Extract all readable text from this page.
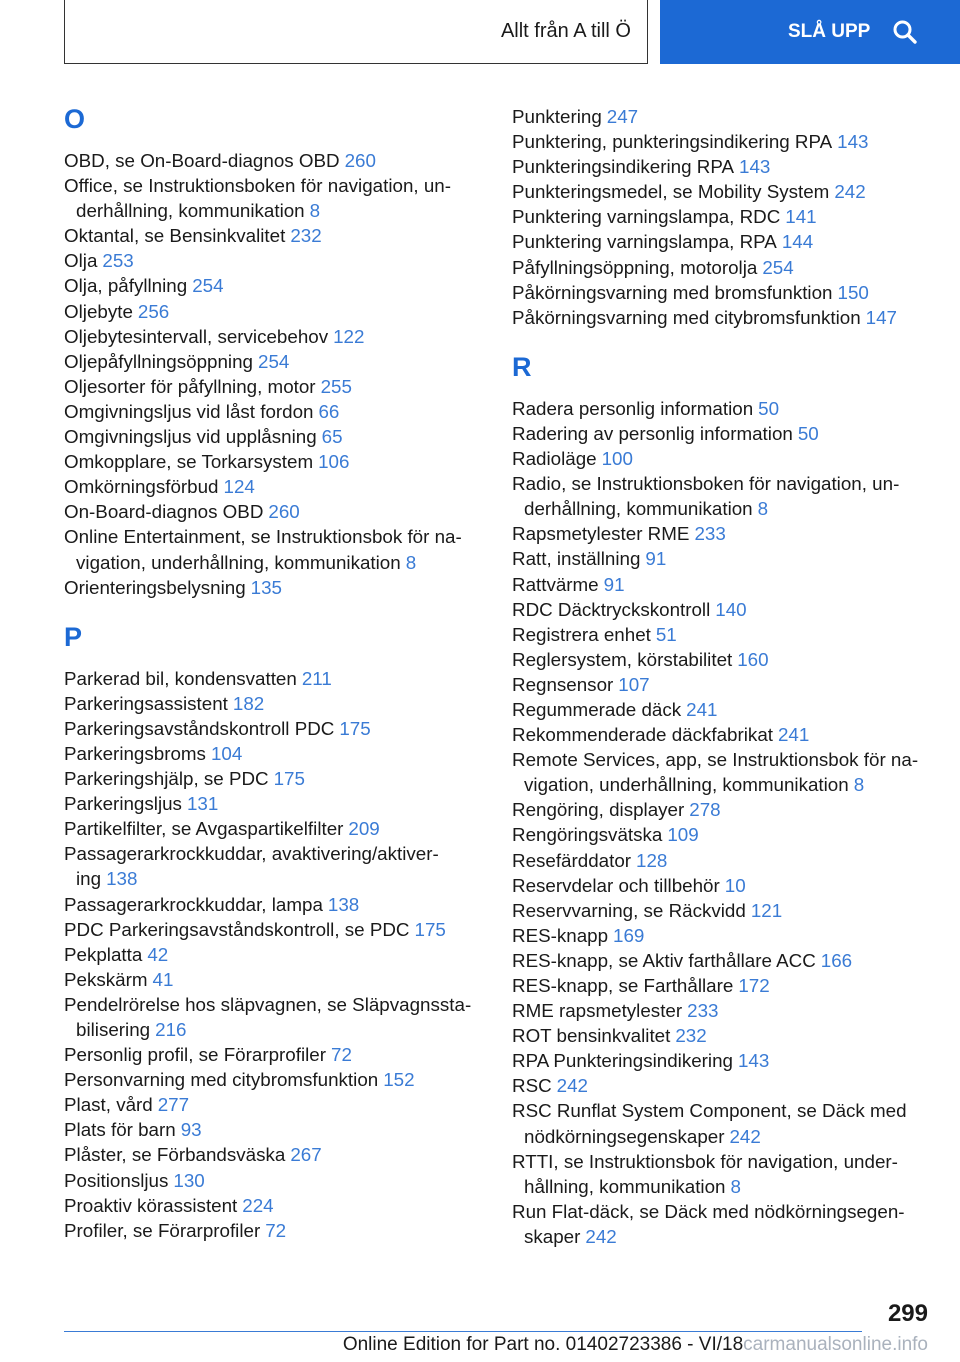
Allt från A till Ö	SLÅ UPP
O
OBD, se On-Board-diagnos OBD 260
Office, se Instruktionsboken för navigation, underhållning, kommunikation 8
Oktantal, se Bensinkvalitet 232
Olja 253
Olja, påfyllning 254
Oljebyte 256
Oljebytesintervall, servicebehov 122
Oljepåfyllningsöppning 254
Oljesorter för påfyllning, motor 255
Omgivningsljus vid låst fordon 66
Omgivningsljus vid upplåsning 65
Omkopplare, se Torkarsystem 106
Omkörningsförbud 124
On-Board-diagnos OBD 260
Online Entertainment, se Instruktionsbok för navigation, underhållning, kommunikation 8
Orienteringsbelysning 135
P
Parkerad bil, kondensvatten 211
Parkeringsassistent 182
Parkeringsavståndskontroll PDC 175
Parkeringsbroms 104
Parkeringshjälp, se PDC 175
Parkeringsljus 131
Partikelfilter, se Avgaspartikelfilter 209
Passagerarkrockkuddar, avaktivering/aktivering 138
Passagerarkrockkuddar, lampa 138
PDC Parkeringsavståndskontroll, se PDC 175
Pekplatta 42
Pekskärm 41
Pendelrörelse hos släpvagnen, se Släpvagnsstabilisering 216
Personlig profil, se Förarprofiler 72
Personvarning med citybromsfunktion 152
Plast, vård 277
Plats för barn 93
Plåster, se Förbandsväska 267
Positionsljus 130
Proaktiv körassistent 224
Profiler, se Förarprofiler 72
Punktering 247
Punktering, punkteringsindikering RPA 143
Punkteringsindikering RPA 143
Punkteringsmedel, se Mobility System 242
Punktering varningslampa, RDC 141
Punktering varningslampa, RPA 144
Påfyllningsöppning, motorolja 254
Påkörningsvarning med bromsfunktion 150
Påkörningsvarning med citybromsfunktion 147
R
Radera personlig information 50
Radering av personlig information 50
Radioläge 100
Radio, se Instruktionsboken för navigation, underhållning, kommunikation 8
Rapsmetylester RME 233
Ratt, inställning 91
Rattvärme 91
RDC Däcktryckskontroll 140
Registrera enhet 51
Reglersystem, körstabilitet 160
Regnsensor 107
Regummerade däck 241
Rekommenderade däckfabrikat 241
Remote Services, app, se Instruktionsbok för navigation, underhållning, kommunikation 8
Rengöring, displayer 278
Rengöringsvätska 109
Resefärddator 128
Reservdelar och tillbehör 10
Reservvarning, se Räckvidd 121
RES-knapp 169
RES-knapp, se Aktiv farthållare ACC 166
RES-knapp, se Farthållare 172
RME rapsmetylester 233
ROT bensinkvalitet 232
RPA Punkteringsindikering 143
RSC 242
RSC Runflat System Component, se Däck med nödkörningsegenskaper 242
RTTI, se Instruktionsbok för navigation, underhållning, kommunikation 8
Run Flat-däck, se Däck med nödkörningsegenskaper 242
299
Online Edition for Part no. 01402723386 - VI/18carmanualsonline.info
